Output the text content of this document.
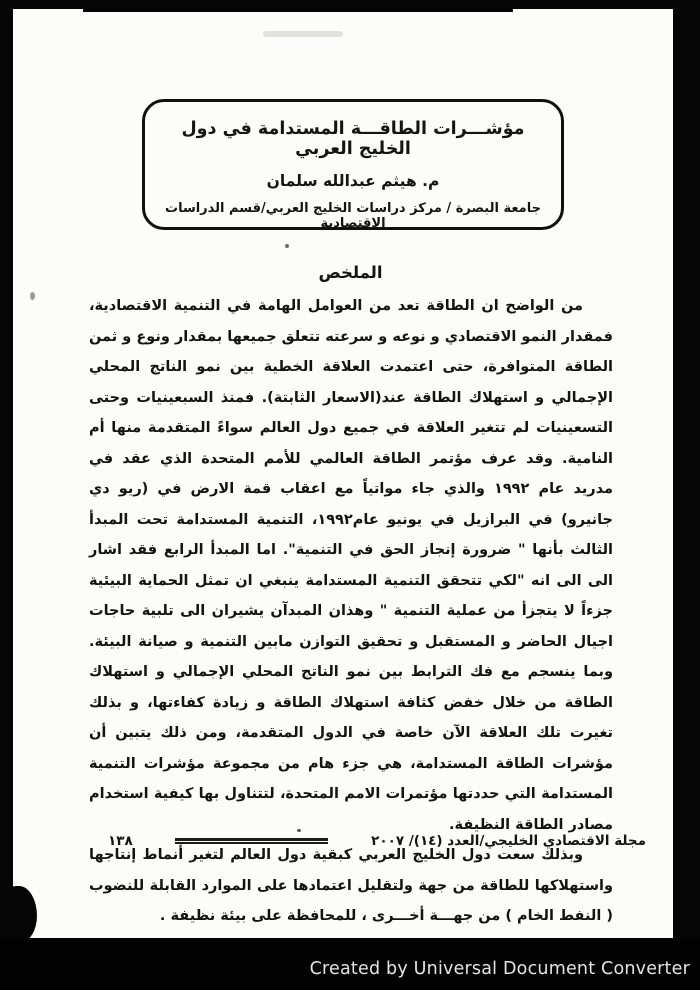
مؤشـــرات الطاقـــة المستدامة في دول الخليج العربي
م. هيثم عبدالله سلمان
جامعة البصرة / مركز دراسات الخليج العربي/قسم الدراسات الاقتصادية
الملخص

من الواضح ان الطاقة تعد من العوامل الهامة في التنمية الاقتصادية، فمقدار النمو الاقتصادي و نوعه و سرعته تتعلق جميعها بمقدار ونوع و ثمن الطاقة المتوافرة، حتى اعتمدت العلاقة الخطية بين نمو الناتج المحلي الإجمالي و استهلاك الطاقة عند(الاسعار الثابتة). فمنذ السبعينيات وحتى التسعينيات لم تتغير العلاقة في جميع دول العالم سواءً المتقدمة منها أم النامية. وقد عرف مؤتمر الطاقة العالمي للأمم المتحدة الذي عقد في مدريد عام ١٩٩٢ والذي جاء مواتياً مع اعقاب قمة الارض في (ريو دي جانيرو) في البرازيل في يونيو عام١٩٩٢، التنمية المستدامة تحت المبدأ الثالث بأنها " ضرورة إنجاز الحق في التنمية". اما المبدأ الرابع فقد اشار الى الى انه "لكي تتحقق التنمية المستدامة ينبغي ان تمثل الحماية البيئية جزءاً لا يتجزأ من عملية التنمية " وهذان المبدآن يشيران الى تلبية حاجات اجيال الحاضر و المستقبل و تحقيق التوازن مابين التنمية و صيانة البيئة. وبما ينسجم مع فك الترابط بين نمو الناتج المحلي الإجمالي و استهلاك الطاقة من خلال خفض كثافة استهلاك الطاقة و زيادة كفاءتها، و بذلك تغيرت تلك العلاقة الآن خاصة في الدول المتقدمة، ومن ذلك يتبين أن مؤشرات الطاقة المستدامة، هي جزء هام من مجموعة مؤشرات التنمية المستدامة التي حددتها مؤتمرات الامم المتحدة، لتتناول بها كيفية استخدام مصادر الطاقة النظيفة.

وبذلك سعت دول الخليج العربي كبقية دول العالم لتغير أنماط إنتاجها واستهلاكها للطاقة من جهة ولتقليل اعتمادها على الموارد القابلة للنضوب ( النفط الخام ) من جهـــة أخـــرى ، للمحافظة على بيئة نظيفة .

مجلة الاقتصادي الخليجي/العدد (١٤)/ ٢٠٠٧
١٣٨
Created by Universal Document Converter
